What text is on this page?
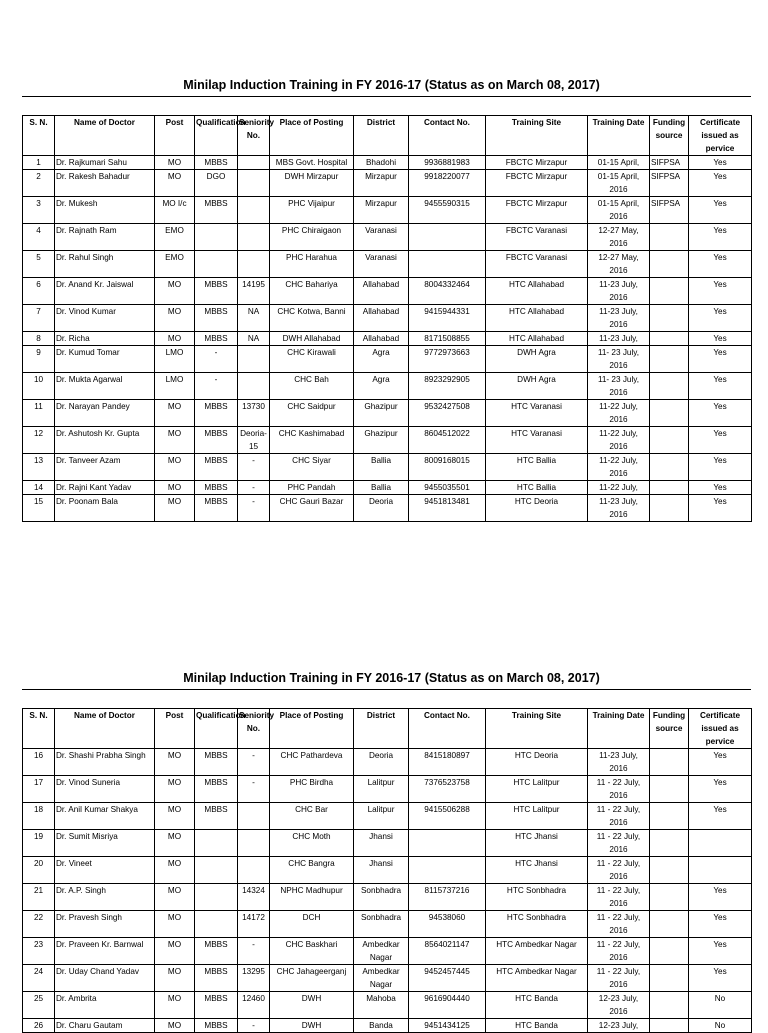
Minilap Induction Training in FY 2016-17 (Status as on March 08, 2017)
S. N.	Name of Doctor	Post	Qualification	Seniority No.	Place of Posting	District	Contact No.	Training Site	Training Date	Funding source	Certificate issued as pervice
1	Dr. Rajkumari Sahu	MO	MBBS		MBS Govt. Hospital	Bhadohi	9936881983	FBCTC Mirzapur	01-15 April,	SIFPSA	Yes
2	Dr. Rakesh Bahadur	MO	DGO		DWH Mirzapur	Mirzapur	9918220077	FBCTC Mirzapur	01-15 April, 2016	SIFPSA	Yes
3	Dr. Mukesh	MO I/c	MBBS		PHC Vijaipur	Mirzapur	9455590315	FBCTC Mirzapur	01-15 April, 2016	SIFPSA	Yes
4	Dr. Rajnath Ram	EMO			PHC Chiraigaon	Varanasi		FBCTC Varanasi	12-27 May, 2016		Yes
5	Dr. Rahul Singh	EMO			PHC Harahua	Varanasi		FBCTC Varanasi	12-27 May, 2016		Yes
6	Dr. Anand Kr. Jaiswal	MO	MBBS	14195	CHC Bahariya	Allahabad	8004332464	HTC Allahabad	11-23 July, 2016		Yes
7	Dr. Vinod Kumar	MO	MBBS	NA	CHC Kotwa, Banni	Allahabad	9415944331	HTC Allahabad	11-23 July, 2016		Yes
8	Dr. Richa	MO	MBBS	NA	DWH Allahabad	Allahabad	8171508855	HTC Allahabad	11-23 July,		Yes
9	Dr. Kumud Tomar	LMO	-		CHC Kirawali	Agra	9772973663	DWH Agra	11- 23 July, 2016		Yes
10	Dr. Mukta Agarwal	LMO	-		CHC Bah	Agra	8923292905	DWH Agra	11- 23 July, 2016		Yes
11	Dr. Narayan Pandey	MO	MBBS	13730	CHC Saidpur	Ghazipur	9532427508	HTC Varanasi	11-22 July, 2016		Yes
12	Dr. Ashutosh Kr. Gupta	MO	MBBS	Deoria-15	CHC Kashimabad	Ghazipur	8604512022	HTC Varanasi	11-22 July, 2016		Yes
13	Dr. Tanveer Azam	MO	MBBS	-	CHC Siyar	Ballia	8009168015	HTC Ballia	11-22 July, 2016		Yes
14	Dr. Rajni Kant Yadav	MO	MBBS	-	PHC Pandah	Ballia	9455035501	HTC Ballia	11-22 July,		Yes
15	Dr. Poonam Bala	MO	MBBS	-	CHC Gauri Bazar	Deoria	9451813481	HTC Deoria	11-23 July, 2016		Yes
Minilap Induction Training in FY 2016-17 (Status as on March 08, 2017)
S. N.	Name of Doctor	Post	Qualification	Seniority No.	Place of Posting	District	Contact No.	Training Site	Training Date	Funding source	Certificate issued as pervice
16	Dr. Shashi Prabha Singh	MO	MBBS	-	CHC Pathardeva	Deoria	8415180897	HTC Deoria	11-23 July, 2016		Yes
17	Dr. Vinod Suneria	MO	MBBS	-	PHC Birdha	Lalitpur	7376523758	HTC Lalitpur	11 - 22 July, 2016		Yes
18	Dr. Anil Kumar Shakya	MO	MBBS		CHC Bar	Lalitpur	9415506288	HTC Lalitpur	11 - 22 July, 2016		Yes
19	Dr. Sumit Misriya	MO			CHC Moth	Jhansi		HTC Jhansi	11 - 22 July, 2016		
20	Dr. Vineet	MO			CHC Bangra	Jhansi		HTC Jhansi	11 - 22 July, 2016		
21	Dr. A.P. Singh	MO		14324	NPHC Madhupur	Sonbhadra	8115737216	HTC Sonbhadra	11 - 22 July, 2016		Yes
22	Dr. Pravesh Singh	MO		14172	DCH	Sonbhadra	94538060	HTC Sonbhadra	11 - 22 July, 2016		Yes
23	Dr. Praveen Kr. Barnwal	MO	MBBS	-	CHC Baskhari	Ambedkar Nagar	8564021147	HTC Ambedkar Nagar	11 - 22 July, 2016		Yes
24	Dr. Uday Chand Yadav	MO	MBBS	13295	CHC Jahageerganj	Ambedkar Nagar	9452457445	HTC Ambedkar Nagar	11 - 22 July, 2016		Yes
25	Dr. Ambrita	MO	MBBS	12460	DWH	Mahoba	9616904440	HTC Banda	12-23 July, 2016		No
26	Dr. Charu Gautam	MO	MBBS	-	DWH	Banda	9451434125	HTC Banda	12-23 July,		No
